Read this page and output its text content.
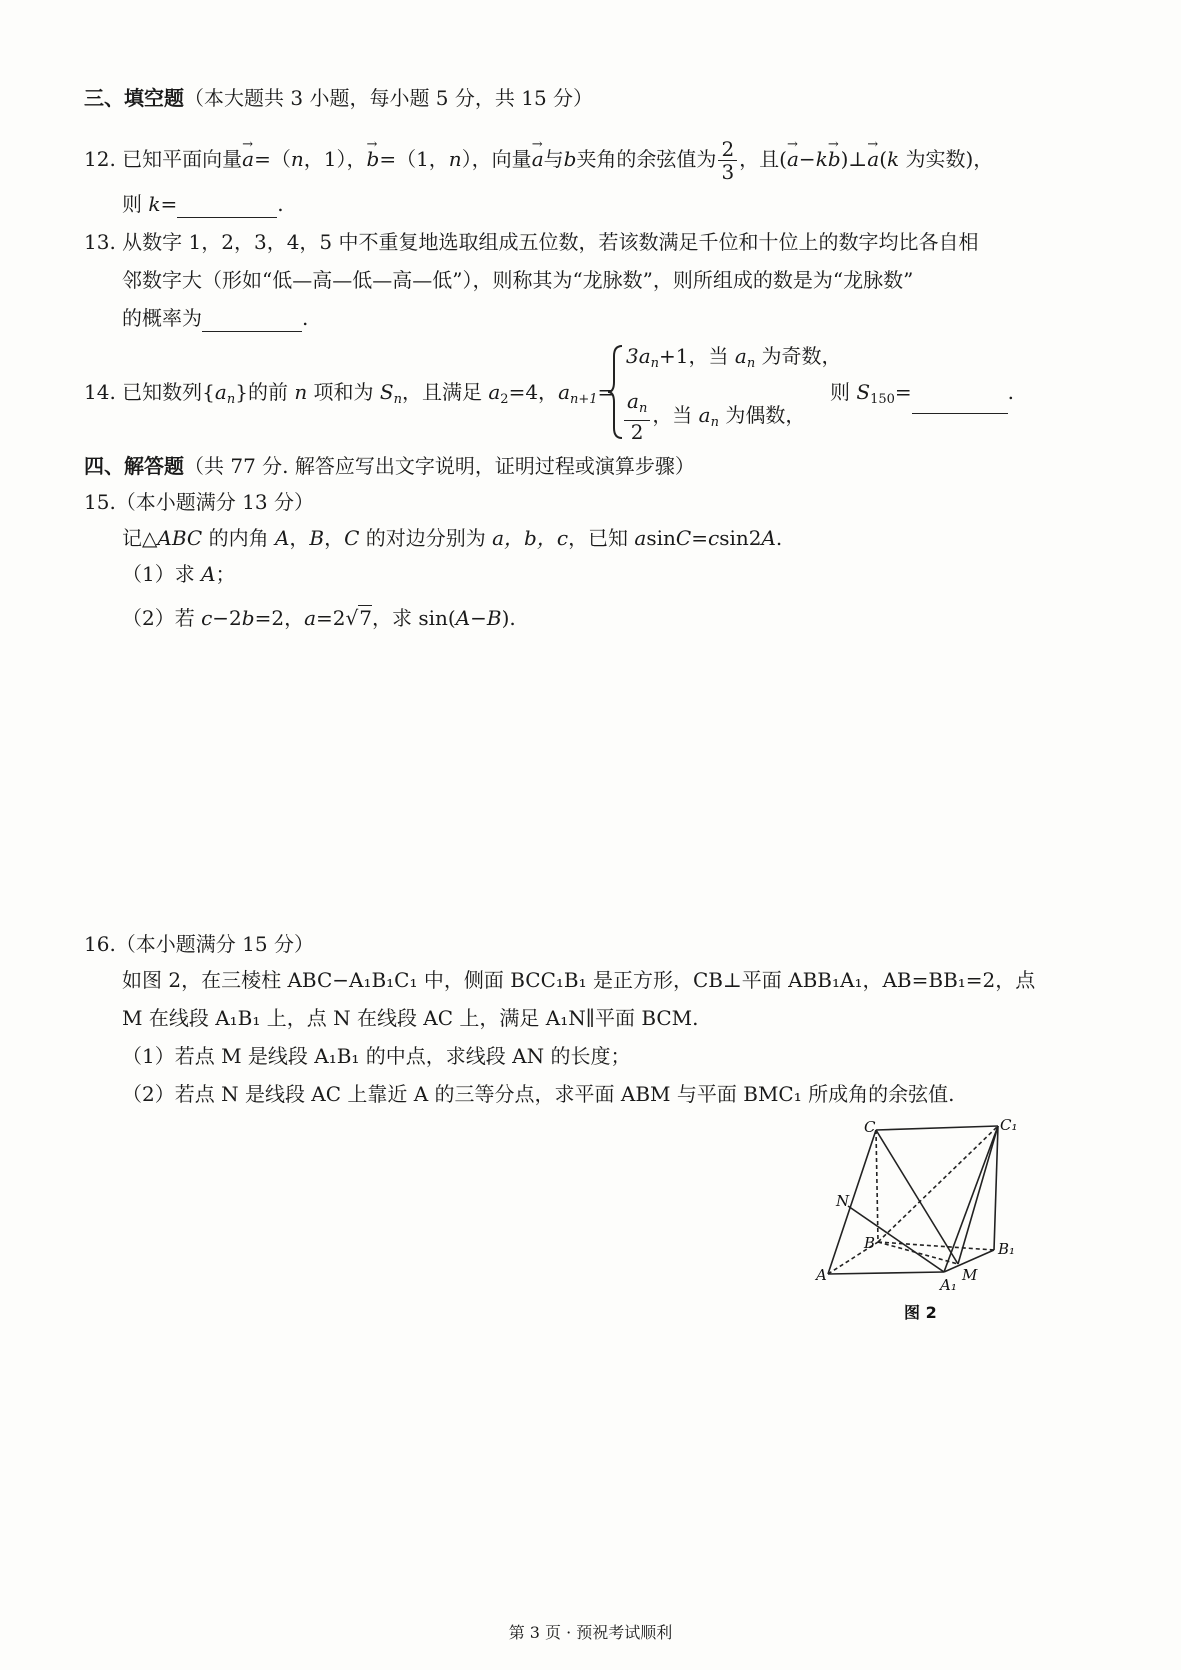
三、填空题（本大题共 3 小题，每小题 5 分，共 15 分）
12. 已知平面向量→ a=（n，1），→ b=（1，n），向量→ a与b夹角的余弦值为 $\frac{2}{3}$ ，且(→ a−k→ b)⊥→ a(k 为实数)，
则 k=	.
13. 从数字 1，2，3，4，5 中不重复地选取组成五位数，若该数满足千位和十位上的数字均比各自相
邻数字大（形如“低—高—低—高—低”），则称其为“龙脉数”，则所组成的数是为“龙脉数”
的概率为	.
14. 已知数列$\{a_n\}$的前 n 项和为 $S_n$，且满足 $a_2=4$，$a_{n+1}=$
$3a_n+1$，当 $a_n$ 为奇数，
$\frac{a_n}{2}$ ，当 $a_n$ 为偶数，
则 $S_{150}=$	.
四、解答题（共 77 分. 解答应写出文字说明，证明过程或演算步骤）
15.（本小题满分 13 分）
记△ABC 的内角 A，B，C 的对边分别为 a，b，c，已知 asinC=csin2A.
（1）求 A；
（2）若 c−2b=2，a=2√7，求 sin(A−B).
16.（本小题满分 15 分）
如图 2，在三棱柱 ABC−A₁B₁C₁ 中，侧面 BCC₁B₁ 是正方形，CB⊥平面 ABB₁A₁，AB=BB₁=2，点
M 在线段 A₁B₁ 上，点 N 在线段 AC 上，满足 A₁N∥平面 BCM.
（1）若点 M 是线段 A₁B₁ 的中点，求线段 AN 的长度；
（2）若点 N 是线段 AC 上靠近 A 的三等分点，求平面 ABM 与平面 BMC₁ 所成角的余弦值.
C	C₁
N
B	B₁
A
A₁
M
图 2
第 3 页 · 预祝考试顺利
